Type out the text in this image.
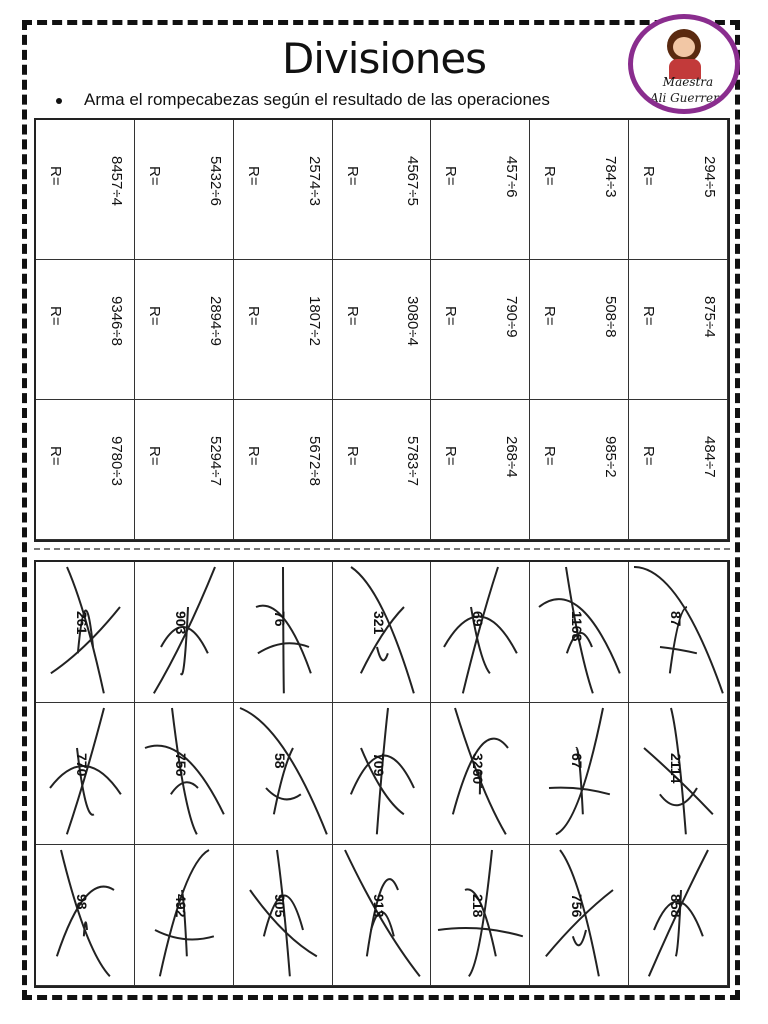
Divisiones
Arma el rompecabezas según el resultado de las operaciones
Maestra
Ali Guerrero
294÷5
R=
875÷4
R=
484÷7
R=
784÷3
R=
508÷8
R=
985÷2
R=
457÷6
R=
790÷9
R=
268÷4
R=
4567÷5
R=
3080÷4
R=
5783÷7
R=
2574÷3
R=
1807÷2
R=
5672÷8
R=
5432÷6
R=
2894÷9
R=
5294÷7
R=
8457÷4
R=
9346÷8
R=
9780÷3
R=
87
2114
858
1168
67
756
69
3260
218
321
709
913
76
58
905
903
756
492
261
770
98
